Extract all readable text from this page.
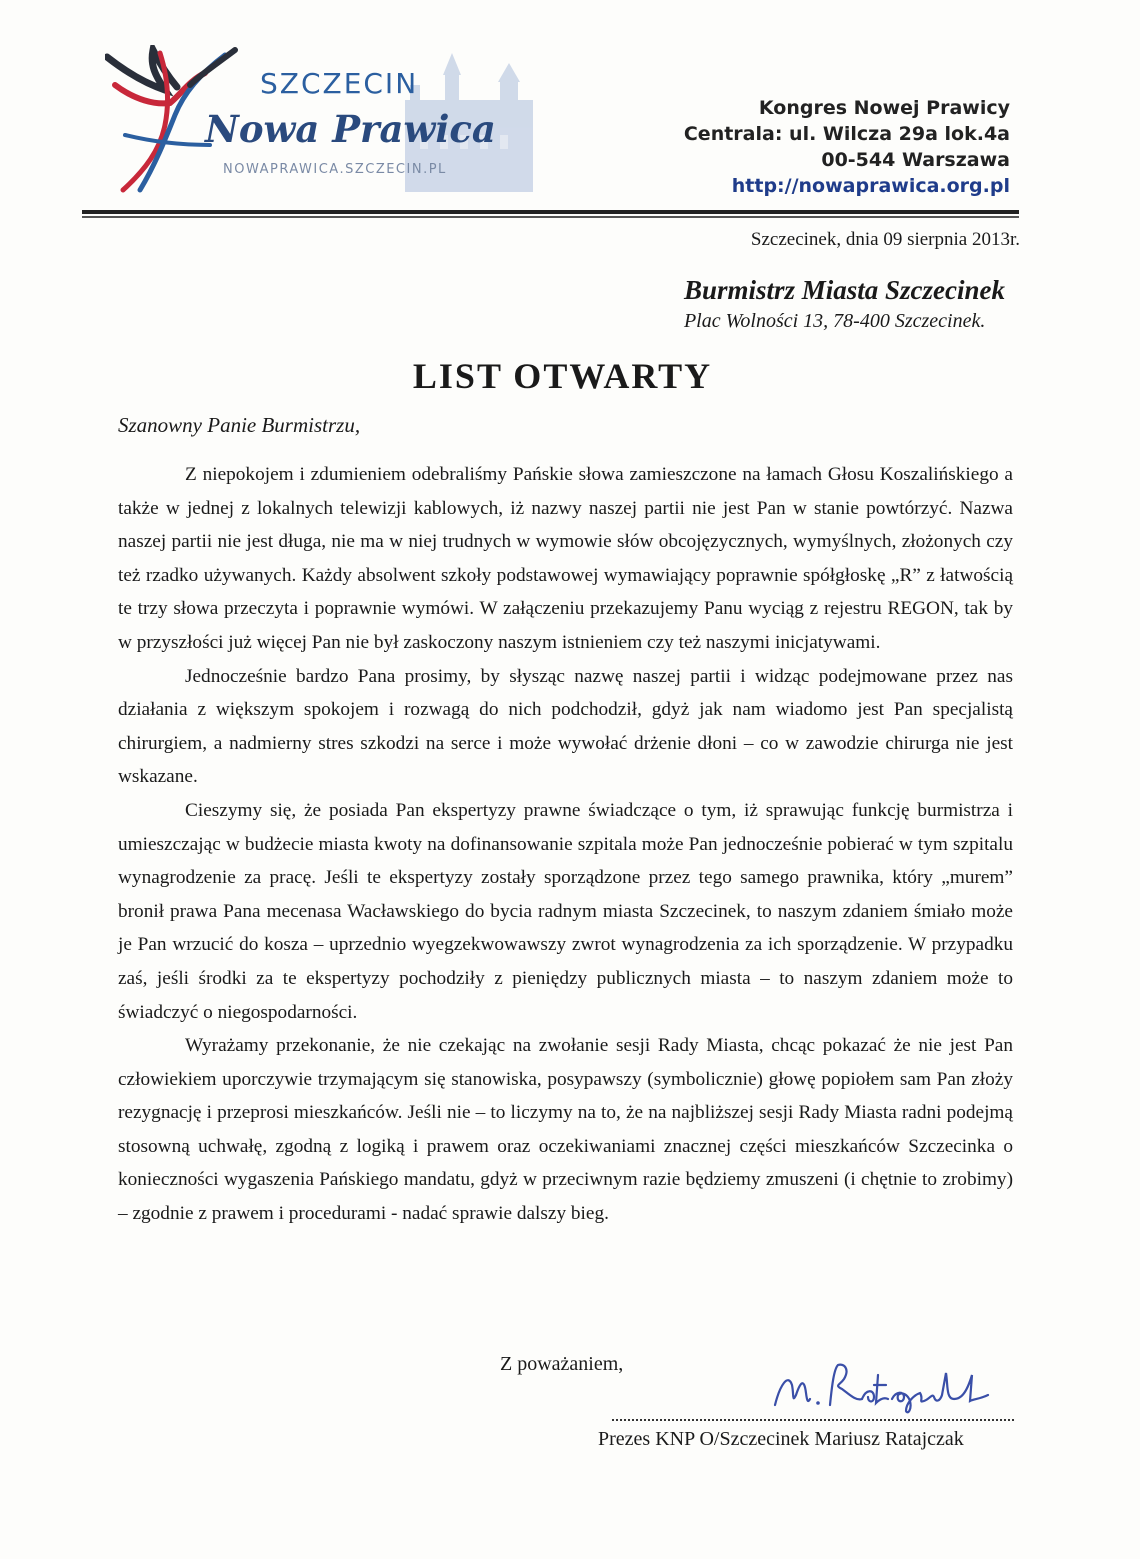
SZCZECIN
Nowa Prawica
NOWAPRAWICA.SZCZECIN.PL
Kongres Nowej Prawicy
Centrala: ul. Wilcza 29a lok.4a
00-544 Warszawa
http://nowaprawica.org.pl
Szczecinek, dnia 09 sierpnia 2013r.
Burmistrz Miasta Szczecinek
Plac Wolności 13, 78-400 Szczecinek.
LIST OTWARTY
Szanowny Panie Burmistrzu,

Z niepokojem i zdumieniem odebraliśmy Pańskie słowa zamieszczone na łamach Głosu Koszalińskiego a także w jednej z lokalnych telewizji kablowych, iż nazwy naszej partii nie jest Pan w stanie powtórzyć. Nazwa naszej partii nie jest długa, nie ma w niej trudnych w wymowie słów obcojęzycznych, wymyślnych, złożonych czy też rzadko używanych. Każdy absolwent szkoły podstawowej wymawiający poprawnie spółgłoskę „R” z łatwością te trzy słowa przeczyta i poprawnie wymówi. W załączeniu przekazujemy Panu wyciąg z rejestru REGON, tak by w przyszłości już więcej Pan nie był zaskoczony naszym istnieniem czy też naszymi inicjatywami.

Jednocześnie bardzo Pana prosimy, by słysząc nazwę naszej partii i widząc podejmowane przez nas działania z większym spokojem i rozwagą do nich podchodził, gdyż jak nam wiadomo jest Pan specjalistą chirurgiem, a nadmierny stres szkodzi na serce i może wywołać drżenie dłoni – co w zawodzie chirurga nie jest wskazane.

Cieszymy się, że posiada Pan ekspertyzy prawne świadczące o tym, iż sprawując funkcję burmistrza i umieszczając w budżecie miasta kwoty na dofinansowanie szpitala może Pan jednocześnie pobierać w tym szpitalu wynagrodzenie za pracę. Jeśli te ekspertyzy zostały sporządzone przez tego samego prawnika, który „murem” bronił prawa Pana mecenasa Wacławskiego do bycia radnym miasta Szczecinek, to naszym zdaniem śmiało może je Pan wrzucić do kosza – uprzednio wyegzekwowawszy zwrot wynagrodzenia za ich sporządzenie. W przypadku zaś, jeśli środki za te ekspertyzy pochodziły z pieniędzy publicznych miasta – to naszym zdaniem może to świadczyć o niegospodarności.

Wyrażamy przekonanie, że nie czekając na zwołanie sesji Rady Miasta, chcąc pokazać że nie jest Pan człowiekiem uporczywie trzymającym się stanowiska, posypawszy (symbolicznie) głowę popiołem sam Pan złoży rezygnację i przeprosi mieszkańców. Jeśli nie – to liczymy na to, że na najbliższej sesji Rady Miasta radni podejmą stosowną uchwałę, zgodną z logiką i prawem oraz oczekiwaniami znacznej części mieszkańców Szczecinka o konieczności wygaszenia Pańskiego mandatu, gdyż w przeciwnym razie będziemy zmuszeni (i chętnie to zrobimy) – zgodnie z prawem i procedurami - nadać sprawie dalszy bieg.

Z poważaniem,
Prezes KNP O/Szczecinek Mariusz Ratajczak
